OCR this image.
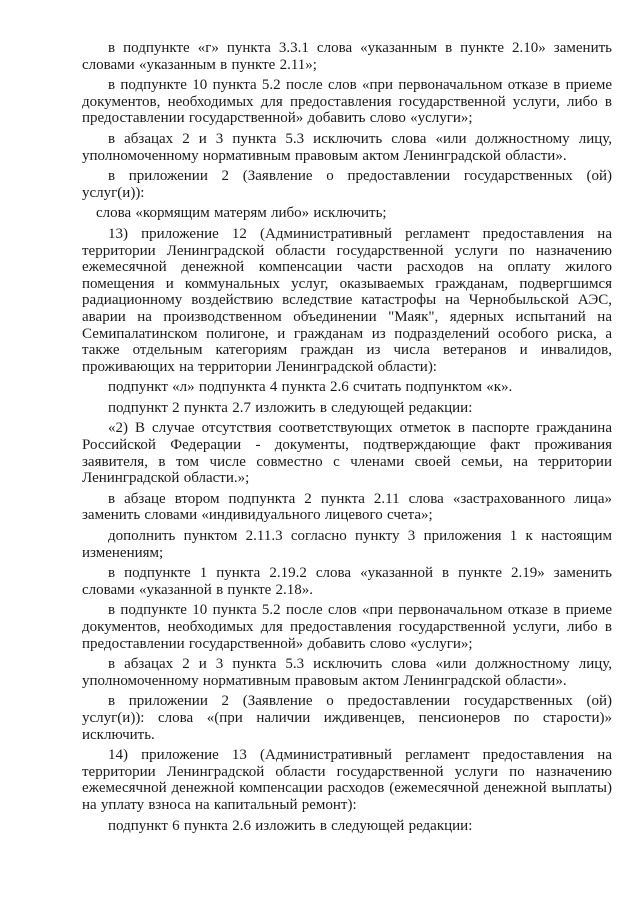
в подпункте «г» пункта 3.3.1 слова «указанным в пункте 2.10» заменить словами «указанным в пункте 2.11»;

в подпункте 10 пункта 5.2 после слов «при первоначальном отказе в приеме документов, необходимых для предоставления государственной услуги, либо в предоставлении государственной» добавить слово «услуги»;

в абзацах 2 и 3 пункта 5.3 исключить слова «или должностному лицу, уполномоченному нормативным правовым актом Ленинградской области».

в приложении 2 (Заявление о предоставлении государственных (ой) услуг(и)):

слова «кормящим матерям либо» исключить;

13) приложение 12 (Административный регламент предоставления на территории Ленинградской области государственной услуги по назначению ежемесячной денежной компенсации части расходов на оплату жилого помещения и коммунальных услуг, оказываемых гражданам, подвергшимся радиационному воздействию вследствие катастрофы на Чернобыльской АЭС, аварии на производственном объединении "Маяк", ядерных испытаний на Семипалатинском полигоне, и гражданам из подразделений особого риска, а также отдельным категориям граждан из числа ветеранов и инвалидов, проживающих на территории Ленинградской области):

подпункт «л» подпункта 4 пункта 2.6 считать подпунктом «к».

подпункт 2 пункта 2.7 изложить в следующей редакции:

«2) В случае отсутствия соответствующих отметок в паспорте гражданина Российской Федерации - документы, подтверждающие факт проживания заявителя, в том числе совместно с членами своей семьи, на территории Ленинградской области.»;

в абзаце втором подпункта 2 пункта 2.11 слова «застрахованного лица» заменить словами «индивидуального лицевого счета»;

дополнить пунктом 2.11.3 согласно пункту 3 приложения 1 к настоящим изменениям;

в подпункте 1 пункта 2.19.2 слова «указанной в пункте 2.19» заменить словами «указанной в пункте 2.18».

в подпункте 10 пункта 5.2 после слов «при первоначальном отказе в приеме документов, необходимых для предоставления государственной услуги, либо в предоставлении государственной» добавить слово «услуги»;

в абзацах 2 и 3 пункта 5.3 исключить слова «или должностному лицу, уполномоченному нормативным правовым актом Ленинградской области».

в приложении 2 (Заявление о предоставлении государственных (ой) услуг(и)): слова «(при наличии иждивенцев, пенсионеров по старости)» исключить.

14) приложение 13 (Административный регламент предоставления на территории Ленинградской области государственной услуги по назначению ежемесячной денежной компенсации расходов (ежемесячной денежной выплаты) на уплату взноса на капитальный ремонт):

подпункт 6 пункта 2.6 изложить в следующей редакции:
